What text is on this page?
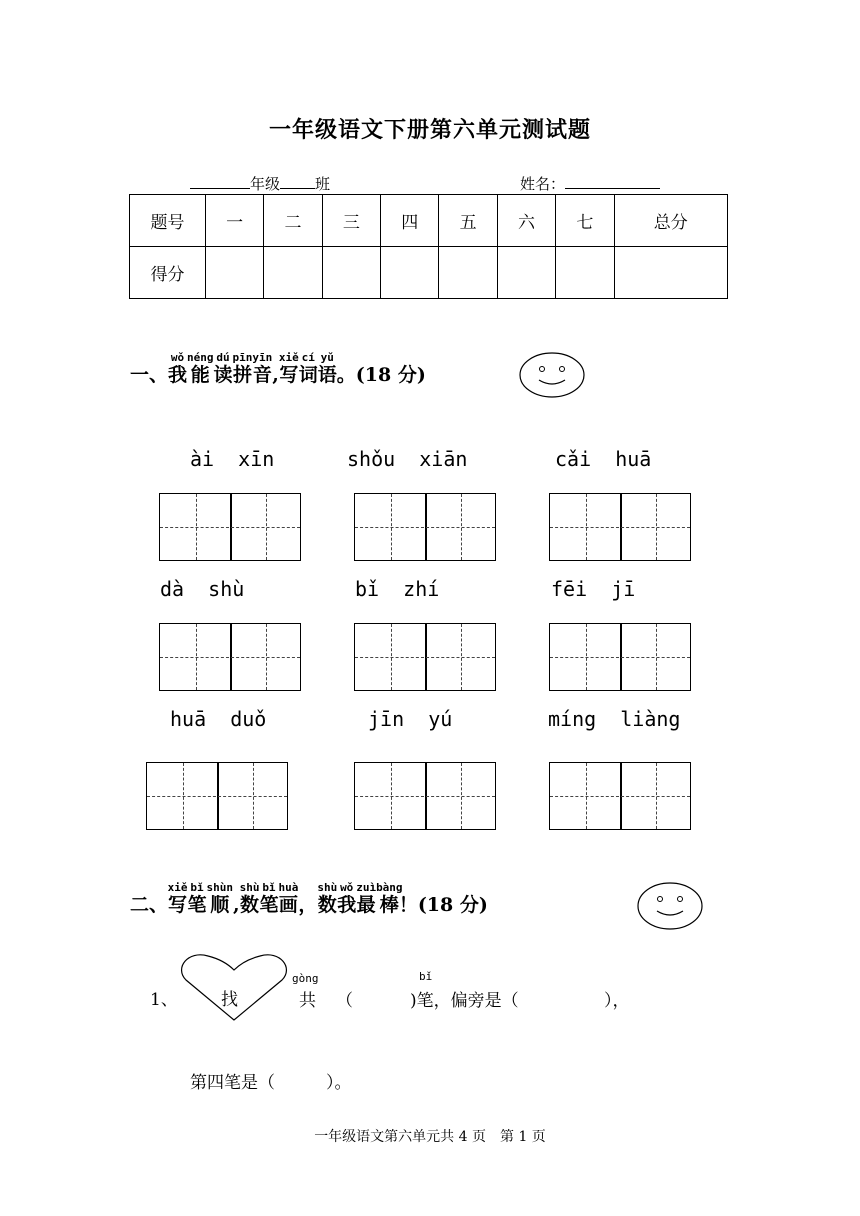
一年级语文下册第六单元测试题
年级 班	姓名：
题号	一	二	三	四	五	六	七	总分
得分								
一、我wǒ能néng读dú拼音pīnyīn,写xiě词cí语yǔ。(18 分)
ài  xīn	shǒu  xiān	cǎi  huā
dà  shù	bǐ  zhí	fēi  jī
huā  duǒ	jīn  yú	míng  liàng
二、写xiě笔bǐ顺shùn,数shù笔bǐ画huà，数shù我wǒ最zuì棒bàng！(18 分)
1、	找
gòng
共 （
bǐ
)笔，偏旁是（	），
第四笔是（　　　）。
一年级语文第六单元共 4 页　第 1 页
